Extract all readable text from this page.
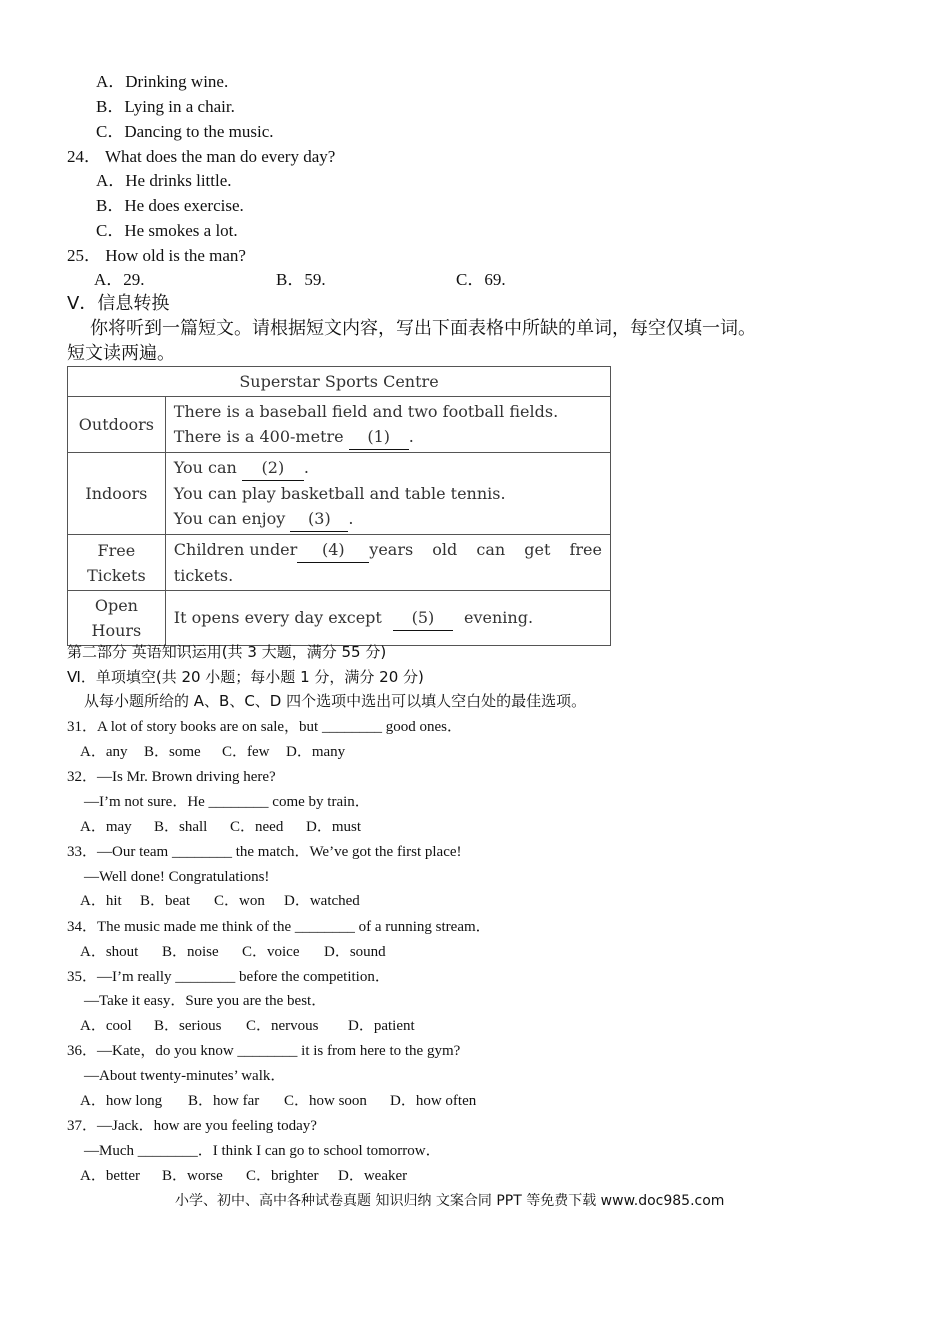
A．Drinking wine.
B．Lying in a chair.
C．Dancing to the music.
24． What does the man do every day?
A．He drinks little.
B．He does exercise.
C．He smokes a lot.
25． How old is the man?
A．29.	B．59.	C．69.
Ⅴ．信息转换
你将听到一篇短文。请根据短文内容，写出下面表格中所缺的单词，每空仅填一词。
短文读两遍。
Superstar Sports Centre	
Outdoors	There is a baseball field and two football fields.
There is a 400-metre (1) .

Indoors	You can (2) .
You can play basketball and table tennis.
You can enjoy (3) .

Free
Tickets	Children under (4) years old can get free
tickets.

Open Hours	It opens every day except (5) evening.
第二部分 英语知识运用(共 3 大题，满分 55 分)
Ⅵ．单项填空(共 20 小题；每小题 1 分，满分 20 分)
从每小题所给的 A、B、C、D 四个选项中选出可以填人空白处的最佳选项。
31．A lot of story books are on sale，but ________ good ones．
A．any B．some C．few D．many
32．—Is Mr. Brown driving here?
—I’m not sure．He ________ come by train．
A．may B．shall C．need D．must
33．—Our team ________ the match．We’ve got the first place!
—Well done! Congratulations!
A．hit B．beat C．won D．watched
34．The music made me think of the ________ of a running stream．
A．shout B．noise C．voice D．sound
35．—I’m really ________ before the competition．
—Take it easy．Sure you are the best．
A．cool B．serious C．nervous D．patient
36．—Kate，do you know ________ it is from here to the gym?
—About twenty-minutes’ walk．
A．how long B．how far C．how soon D．how often
37．—Jack．how are you feeling today?
—Much ________．I think I can go to school tomorrow．
A．better B．worse C．brighter D．weaker
小学、初中、高中各种试卷真题 知识归纳 文案合同 PPT 等免费下载 www.doc985.com
